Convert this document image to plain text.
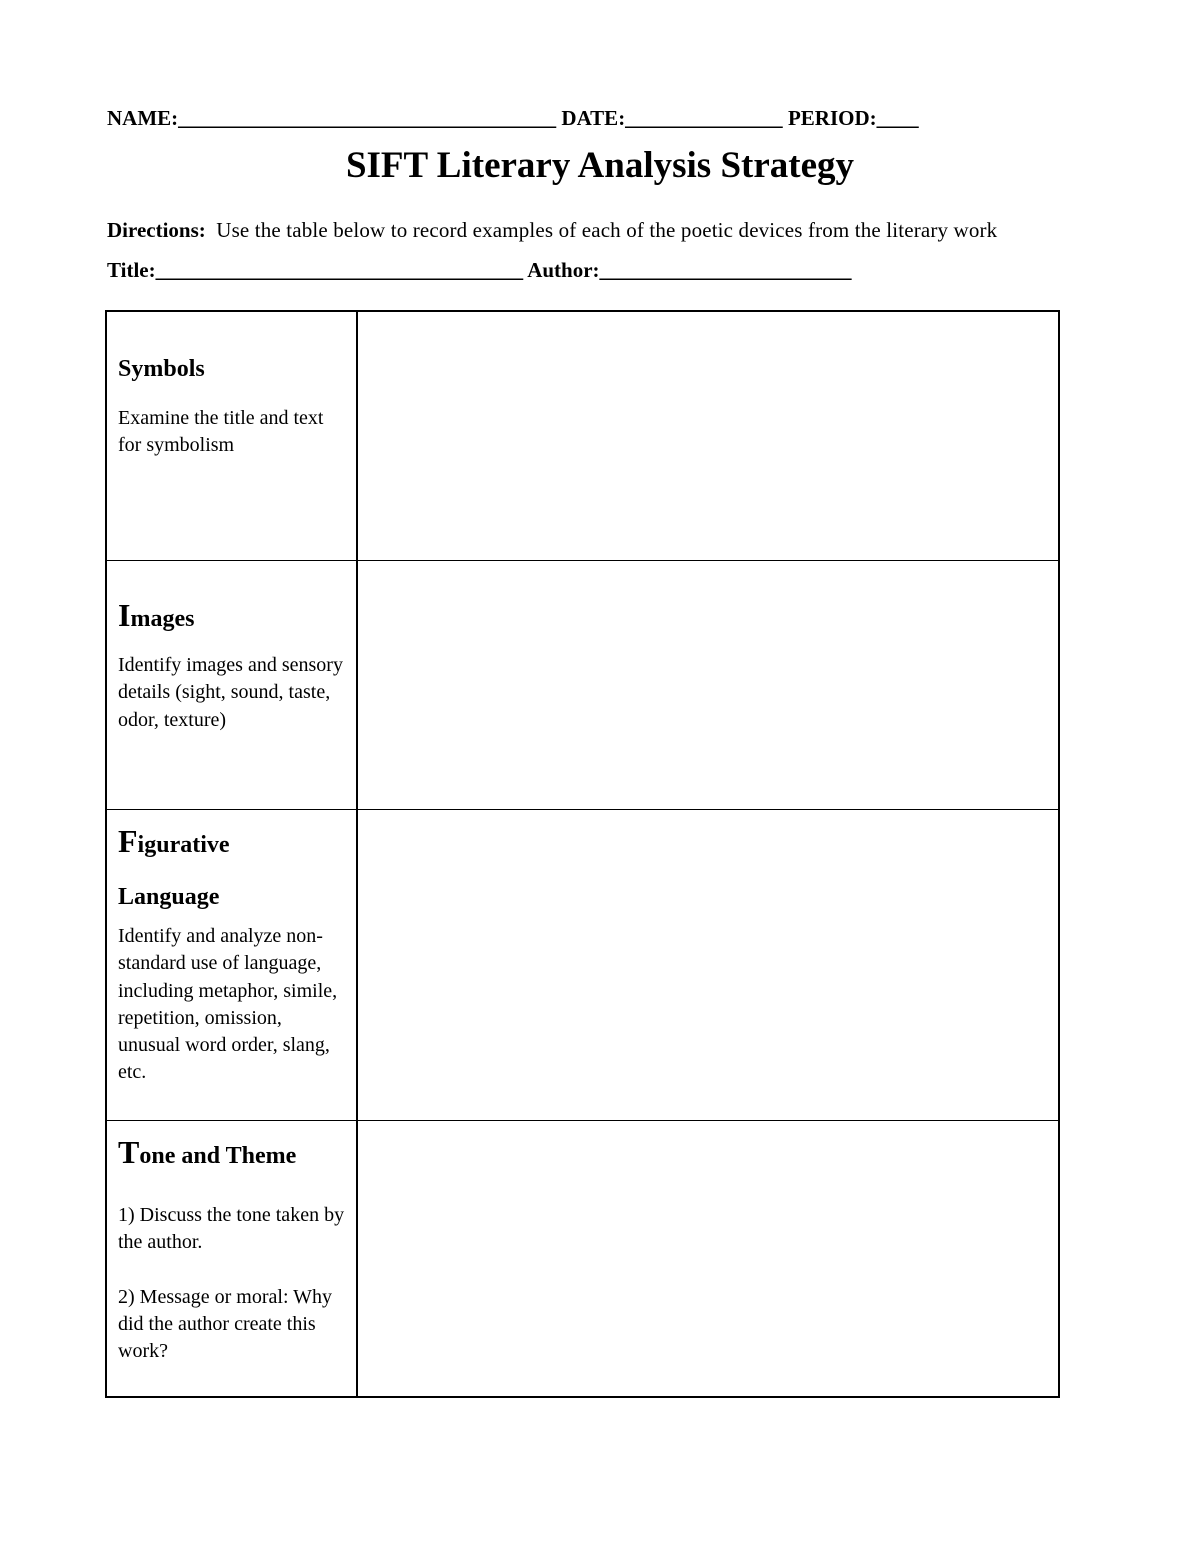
NAME:____________________________________ DATE:_______________ PERIOD:____
SIFT Literary Analysis Strategy
Directions: Use the table below to record examples of each of the poetic devices from the literary work
Title:___________________________________ Author:________________________

Symbols

Examine the title and text for symbolism

Images

Identify images and sensory details (sight, sound, taste, odor, texture)

Figurative

Language

Identify and analyze non-standard use of language, including metaphor, simile, repetition, omission, unusual word order, slang, etc.

Tone and Theme

1) Discuss the tone taken by the author.

2) Message or moral: Why did the author create this work?
